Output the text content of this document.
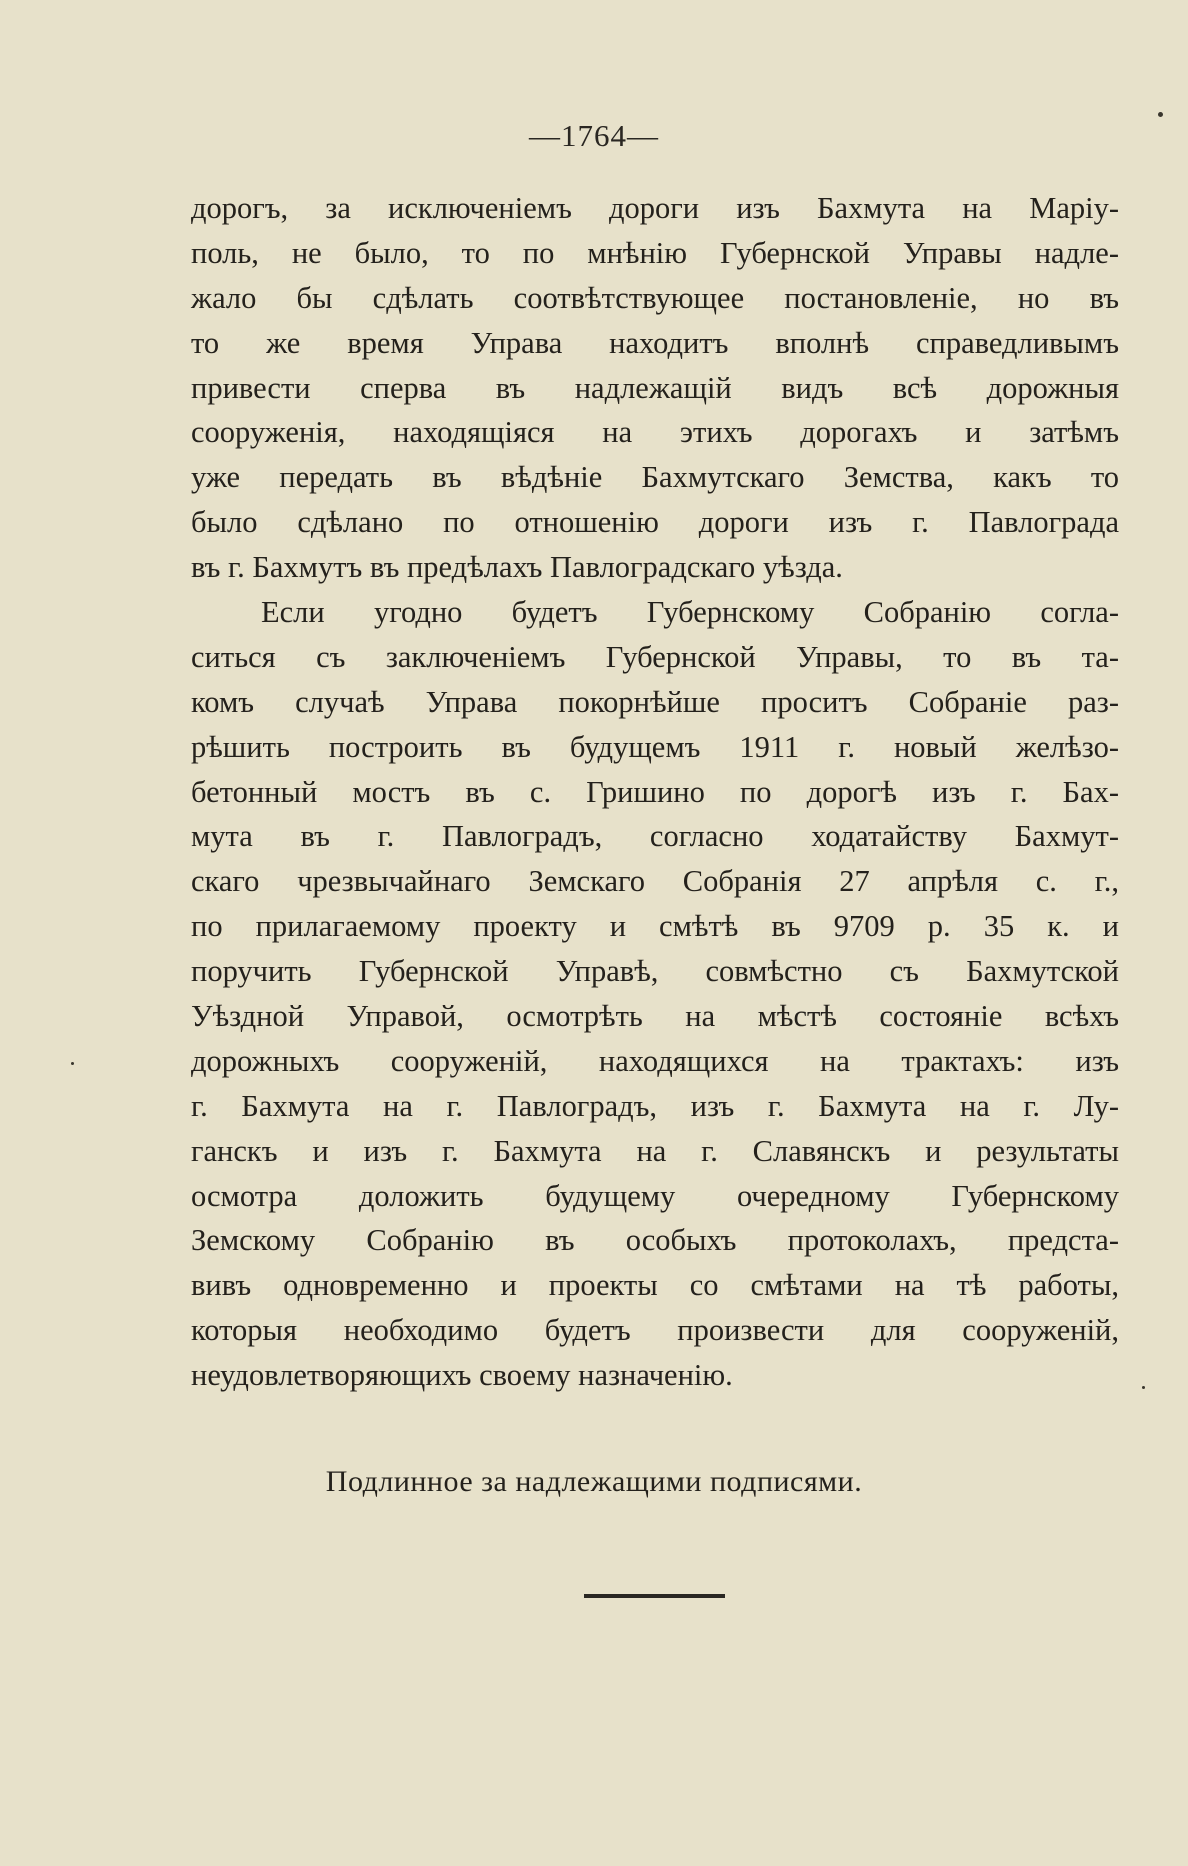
—1764—
дорогъ, за исключеніемъ дороги изъ Бахмута на Маріу-
поль, не было, то по мнѣнію Губернской Управы надле-
жало бы сдѣлать соотвѣтствующее постановленіе, но въ
то же время Управа находитъ вполнѣ справедливымъ
привести сперва въ надлежащій видъ всѣ дорожныя
сооруженія, находящіяся на этихъ дорогахъ и затѣмъ
уже передать въ вѣдѣніе Бахмутскаго Земства, какъ то
было сдѣлано по отношенію дороги изъ г. Павлограда
въ г. Бахмутъ въ предѣлахъ Павлоградскаго уѣзда.
Если угодно будетъ Губернскому Собранію согла-
ситься съ заключеніемъ Губернской Управы, то въ та-
комъ случаѣ Управа покорнѣйше проситъ Собраніе раз-
рѣшить построить въ будущемъ 1911 г. новый желѣзо-
бетонный мостъ въ с. Гришино по дорогѣ изъ г. Бах-
мута въ г. Павлоградъ, согласно ходатайству Бахмут-
скаго чрезвычайнаго Земскаго Собранія 27 апрѣля с. г.,
по прилагаемому проекту и смѣтѣ въ 9709 р. 35 к. и
поручить Губернской Управѣ, совмѣстно съ Бахмутской
Уѣздной Управой, осмотрѣть на мѣстѣ состояніе всѣхъ
дорожныхъ сооруженій, находящихся на трактахъ: изъ
г. Бахмута на г. Павлоградъ, изъ г. Бахмута на г. Лу-
ганскъ и изъ г. Бахмута на г. Славянскъ и результаты
осмотра доложить будущему очередному Губернскому
Земскому Собранію въ особыхъ протоколахъ, предста-
вивъ одновременно и проекты со смѣтами на тѣ работы,
которыя необходимо будетъ произвести для сооруженій,
неудовлетворяющихъ своему назначенію.
Подлинное за надлежащими подписями.
